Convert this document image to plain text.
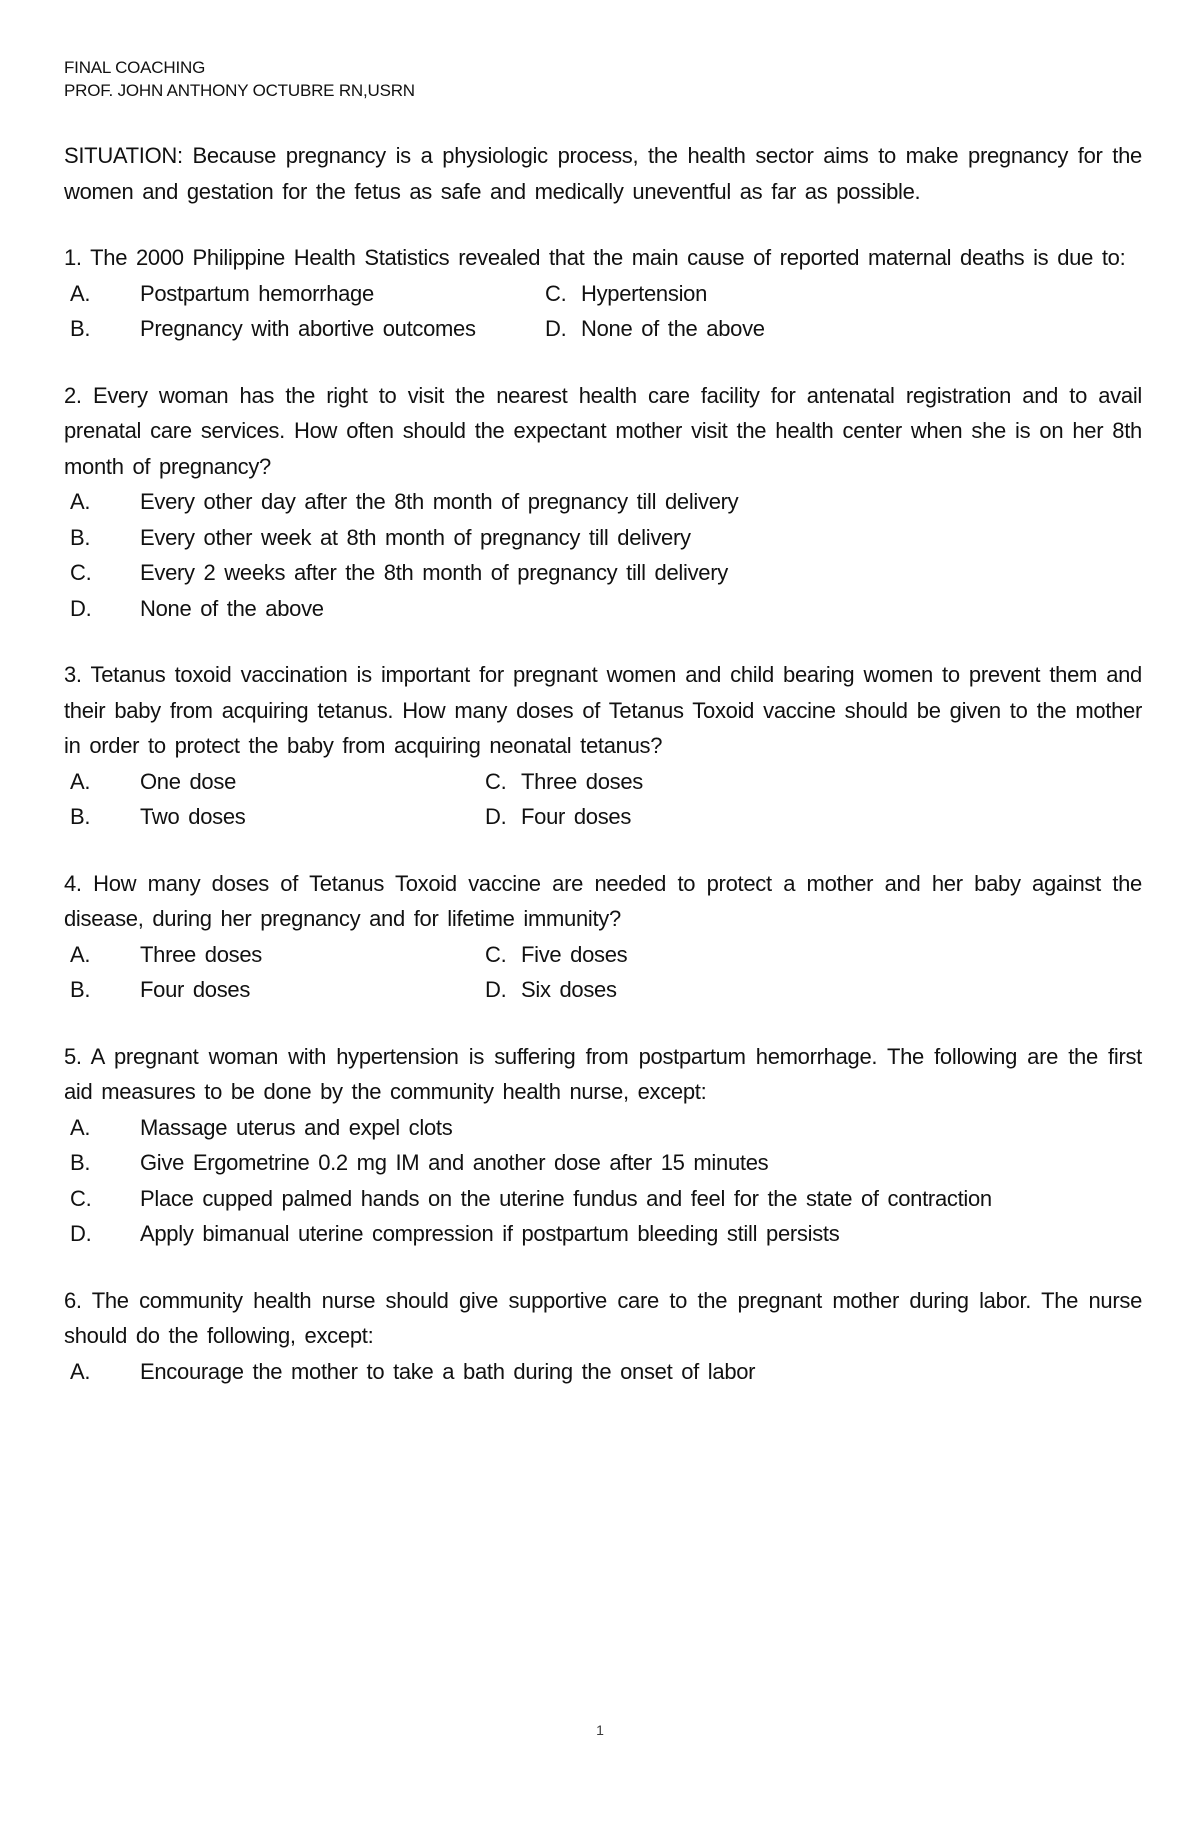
FINAL COACHING
PROF. JOHN ANTHONY OCTUBRE RN,USRN

SITUATION: Because pregnancy is a physiologic process, the health sector aims to make pregnancy for the women and gestation for the fetus as safe and medically uneventful as far as possible.

1. The 2000 Philippine Health Statistics revealed that the main cause of reported maternal deaths is due to:

A.	Postpartum hemorrhage	C. Hypertension
B.	Pregnancy with abortive outcomes	D. None of the above

2. Every woman has the right to visit the nearest health care facility for antenatal registration and to avail prenatal care services. How often should the expectant mother visit the health center when she is on her 8th month of pregnancy?

A.	Every other day after the 8th month of pregnancy till delivery
B.	Every other week at 8th month of pregnancy till delivery
C.	Every 2 weeks after the 8th month of pregnancy till delivery
D.	None of the above

3. Tetanus toxoid vaccination is important for pregnant women and child bearing women to prevent them and their baby from acquiring tetanus. How many doses of Tetanus Toxoid vaccine should be given to the mother in order to protect the baby from acquiring neonatal tetanus?

A.	One dose	C. Three doses
B.	Two doses	D. Four doses

4. How many doses of Tetanus Toxoid vaccine are needed to protect a mother and her baby against the disease, during her pregnancy and for lifetime immunity?

A.	Three doses	C. Five doses
B.	Four doses	D. Six doses

5. A pregnant woman with hypertension is suffering from postpartum hemorrhage. The following are the first aid measures to be done by the community health nurse, except:

A.	Massage uterus and expel clots
B.	Give Ergometrine 0.2 mg IM and another dose after 15 minutes
C.	Place cupped palmed hands on the uterine fundus and feel for the state of contraction
D.	Apply bimanual uterine compression if postpartum bleeding still persists

6. The community health nurse should give supportive care to the pregnant mother during labor. The nurse should do the following, except:

A.	Encourage the mother to take a bath during the onset of labor
1
